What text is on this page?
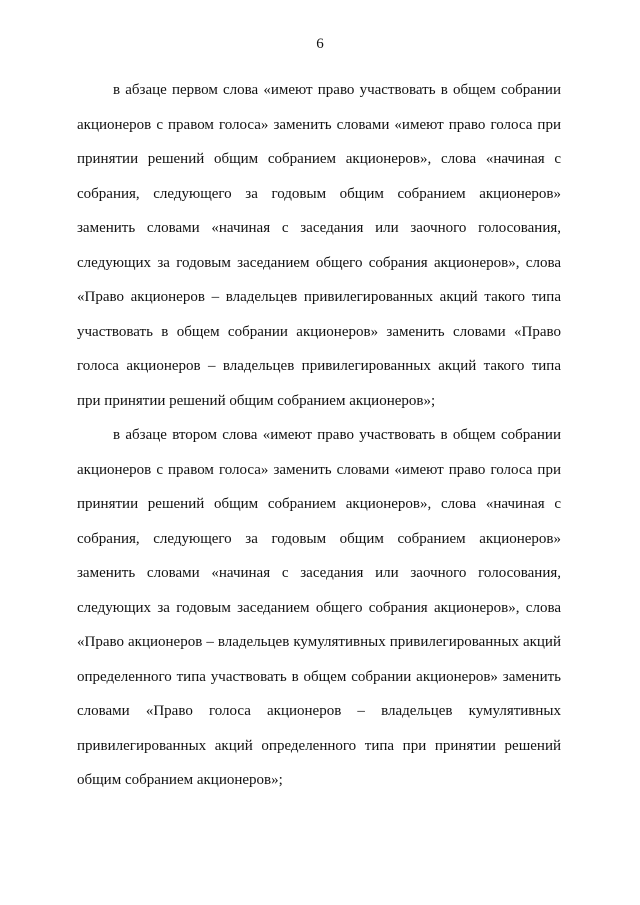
6
в абзаце первом слова «имеют право участвовать в общем собрании
акционеров с правом голоса» заменить словами «имеют право голоса при
принятии решений общим собранием акционеров», слова «начиная с
собрания, следующего за годовым общим собранием акционеров»
заменить словами «начиная с заседания или заочного голосования,
следующих за годовым заседанием общего собрания акционеров», слова
«Право акционеров – владельцев привилегированных акций такого типа
участвовать в общем собрании акционеров» заменить словами «Право
голоса акционеров – владельцев привилегированных акций такого типа
при принятии решений общим собранием акционеров»;
в абзаце втором слова «имеют право участвовать в общем собрании
акционеров с правом голоса» заменить словами «имеют право голоса при
принятии решений общим собранием акционеров», слова «начиная с
собрания, следующего за годовым общим собранием акционеров»
заменить словами «начиная с заседания или заочного голосования,
следующих за годовым заседанием общего собрания акционеров», слова
«Право акционеров – владельцев кумулятивных привилегированных акций
определенного типа участвовать в общем собрании акционеров» заменить
словами «Право голоса акционеров – владельцев кумулятивных
привилегированных акций определенного типа при принятии решений
общим собранием акционеров»;
